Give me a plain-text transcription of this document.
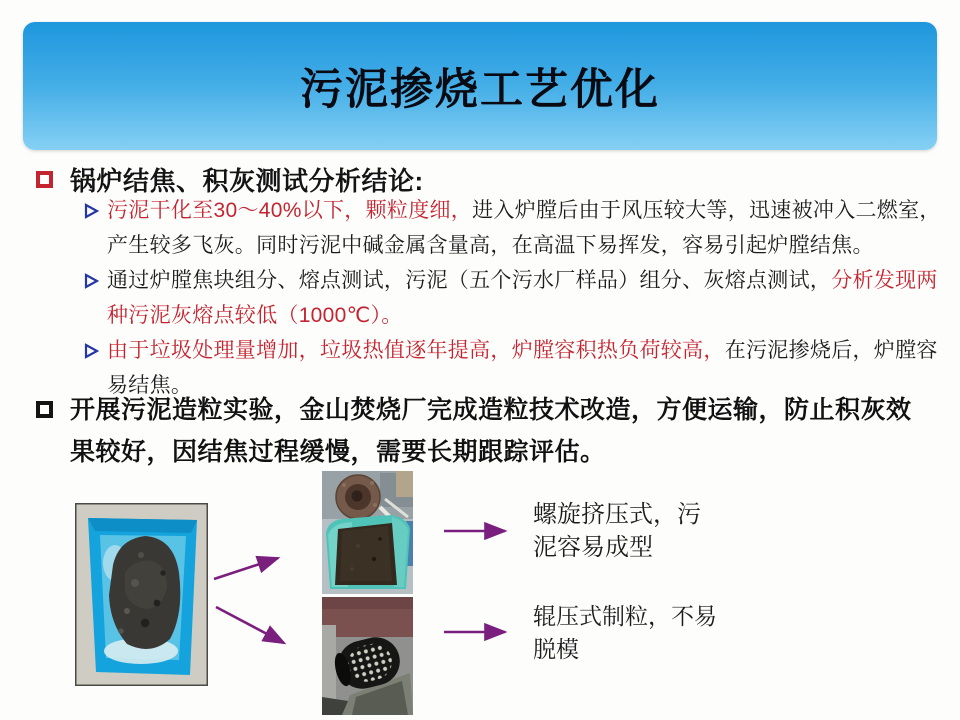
污泥掺烧工艺优化
锅炉结焦、积灰测试分析结论:

污泥干化至30～40%以下，颗粒度细，进入炉膛后由于风压较大等，迅速被冲入二燃室，产生较多飞灰。同时污泥中碱金属含量高，在高温下易挥发，容易引起炉膛结焦。

通过炉膛焦块组分、熔点测试，污泥（五个污水厂样品）组分、灰熔点测试，分析发现两种污泥灰熔点较低（1000℃）。

由于垃圾处理量增加，垃圾热值逐年提高，炉膛容积热负荷较高，在污泥掺烧后，炉膛容易结焦。

开展污泥造粒实验，金山焚烧厂完成造粒技术改造，方便运输，防止积灰效果较好，因结焦过程缓慢，需要长期跟踪评估。

螺旋挤压式，污泥容易成型
辊压式制粒，不易脱模
